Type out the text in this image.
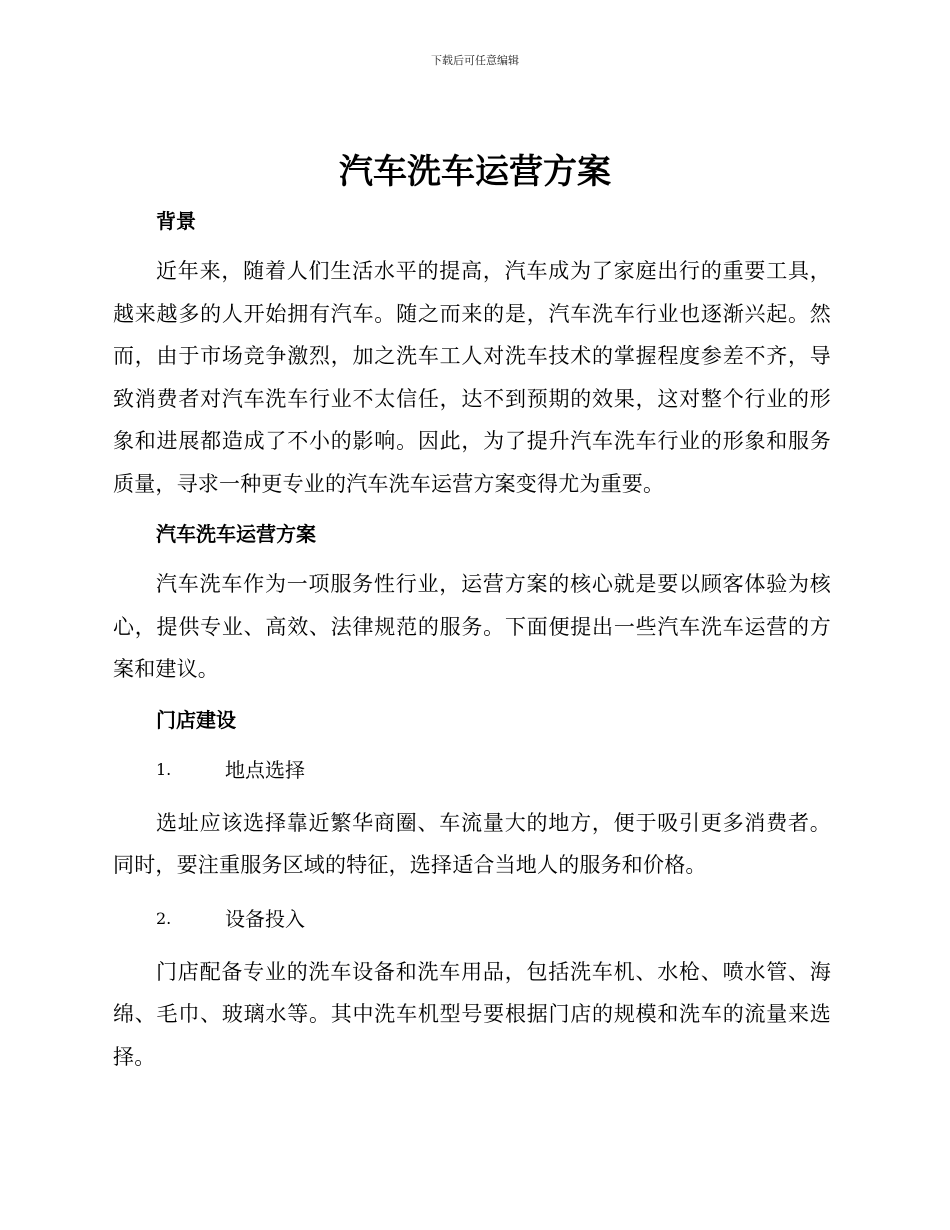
下载后可任意编辑
汽车洗车运营方案
背景

近年来，随着人们生活水平的提高，汽车成为了家庭出行的重要工具，越来越多的人开始拥有汽车。随之而来的是，汽车洗车行业也逐渐兴起。然而，由于市场竞争激烈，加之洗车工人对洗车技术的掌握程度参差不齐，导致消费者对汽车洗车行业不太信任，达不到预期的效果，这对整个行业的形象和进展都造成了不小的影响。因此，为了提升汽车洗车行业的形象和服务质量，寻求一种更专业的汽车洗车运营方案变得尤为重要。

汽车洗车运营方案

汽车洗车作为一项服务性行业，运营方案的核心就是要以顾客体验为核心，提供专业、高效、法律规范的服务。下面便提出一些汽车洗车运营的方案和建议。

门店建设
1.	地点选择

选址应该选择靠近繁华商圈、车流量大的地方，便于吸引更多消费者。同时，要注重服务区域的特征，选择适合当地人的服务和价格。

2.	设备投入

门店配备专业的洗车设备和洗车用品，包括洗车机、水枪、喷水管、海绵、毛巾、玻璃水等。其中洗车机型号要根据门店的规模和洗车的流量来选择。
